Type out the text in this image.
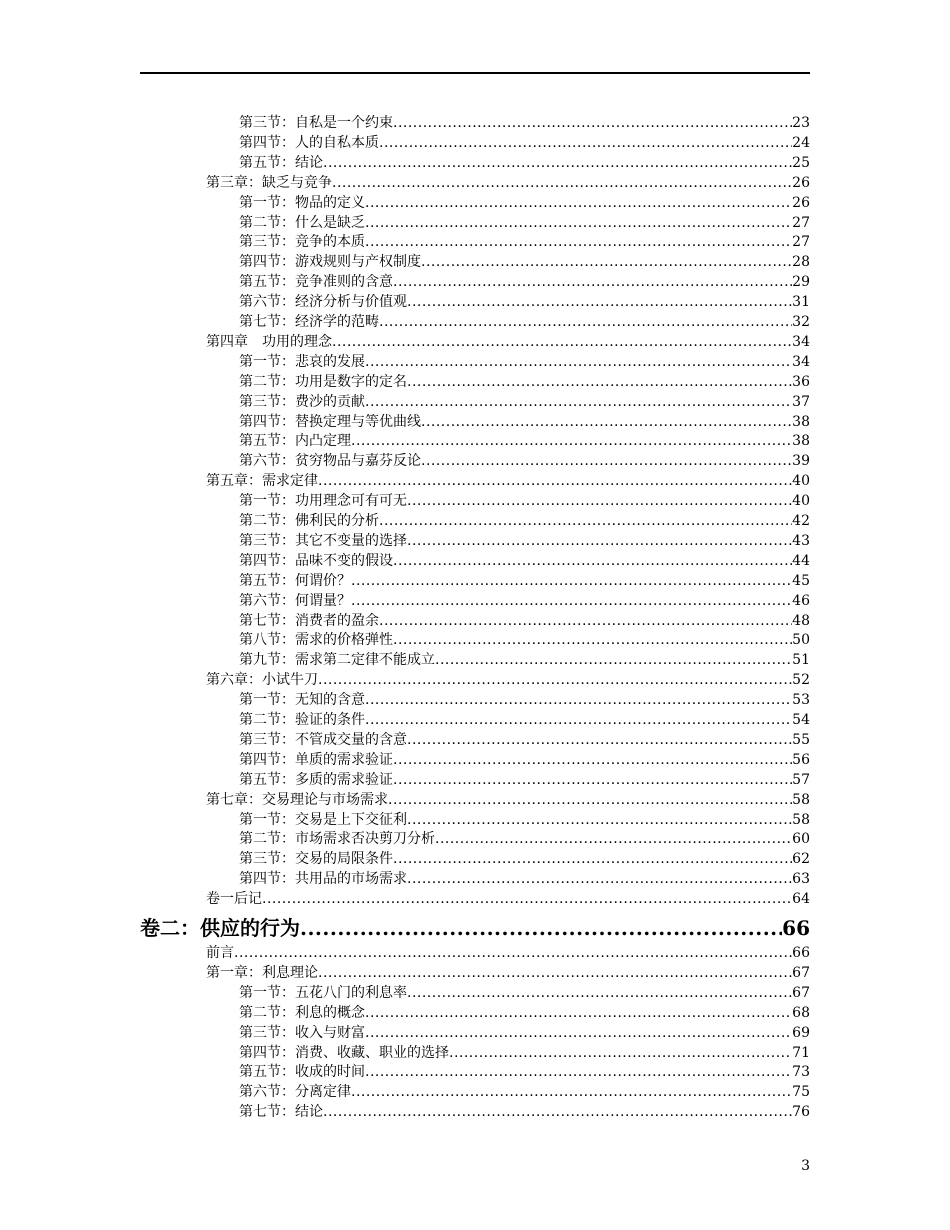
第三节：自私是一个约束 .....	23
第四节：人的自私本质 .....	24
第五节：结论 .....	25
第三章：缺乏与竞争 .....	26
第一节：物品的定义 .....	26
第二节：什么是缺乏 .....	27
第三节：竞争的本质 .....	27
第四节：游戏规则与产权制度 .....	28
第五节：竞争准则的含意 .....	29
第六节：经济分析与价值观 .....	31
第七节：经济学的范畴 .....	32
第四章　功用的理念 .....	34
第一节：悲哀的发展 .....	34
第二节：功用是数字的定名 .....	36
第三节：费沙的贡献 .....	37
第四节：替换定理与等优曲线 .....	38
第五节：内凸定理 .....	38
第六节：贫穷物品与嘉芬反论 .....	39
第五章：需求定律 .....	40
第一节：功用理念可有可无 .....	40
第二节：佛利民的分析 .....	42
第三节：其它不变量的选择 .....	43
第四节：品味不变的假设 .....	44
第五节：何谓价？ .....	45
第六节：何谓量？ .....	46
第七节：消费者的盈余 .....	48
第八节：需求的价格弹性 .....	50
第九节：需求第二定律不能成立 .....	51
第六章：小试牛刀 .....	52
第一节：无知的含意 .....	53
第二节：验证的条件 .....	54
第三节：不管成交量的含意 .....	55
第四节：单质的需求验证 .....	56
第五节：多质的需求验证 .....	57
第七章：交易理论与市场需求 .....	58
第一节：交易是上下交征利 .....	58
第二节：市场需求否决剪刀分析 .....	60
第三节：交易的局限条件 .....	62
第四节：共用品的市场需求 .....	63
卷一后记 .....	64
卷二：供应的行为 .....	66
前言 .....	66
第一章：利息理论 .....	67
第一节：五花八门的利息率 .....	67
第二节：利息的概念 .....	68
第三节：收入与财富 .....	69
第四节：消费、收藏、职业的选择 .....	71
第五节：收成的时间 .....	73
第六节：分离定律 .....	75
第七节：结论 .....	76
3
